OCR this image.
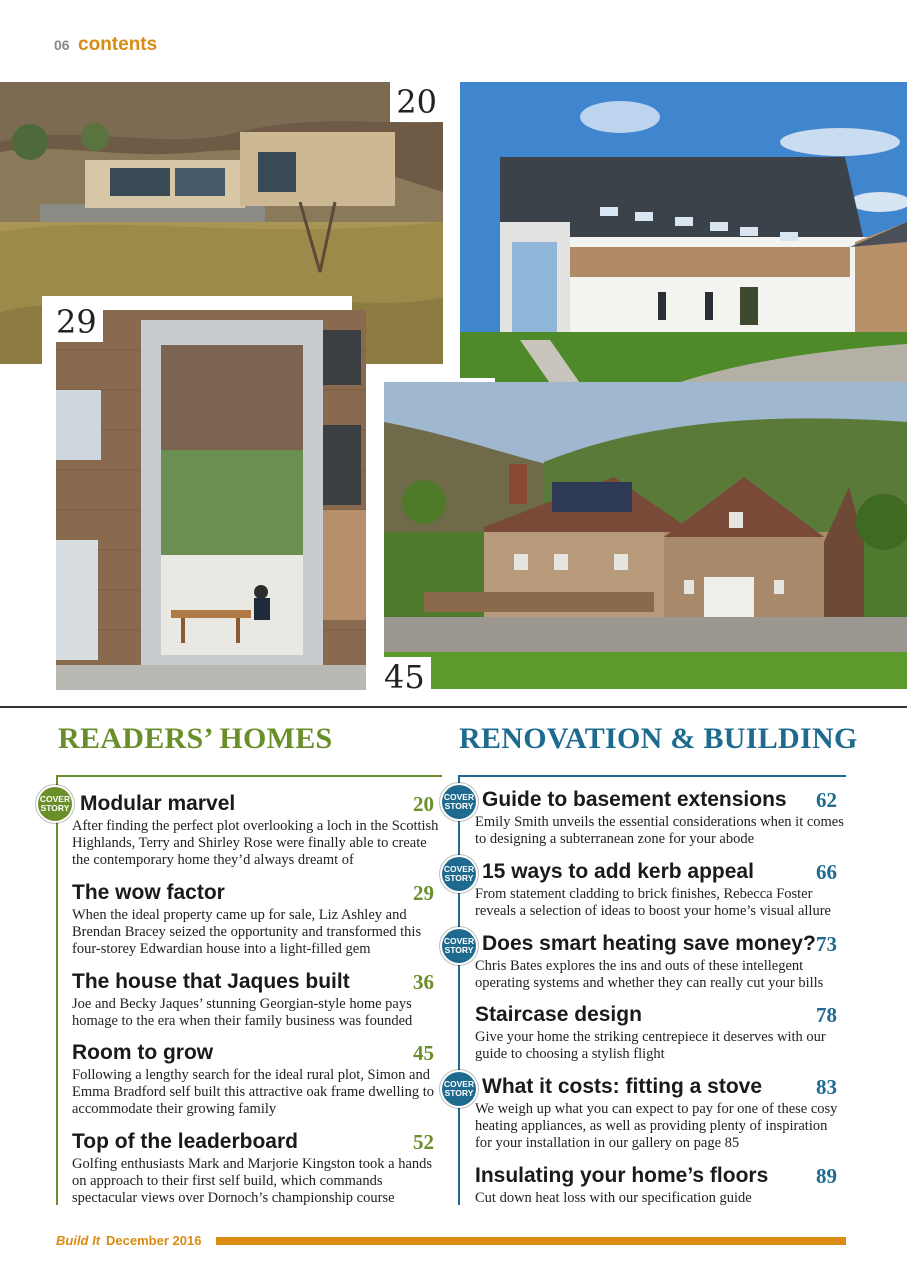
06 contents
20
29
45
READERS’ HOMES	RENOVATION & BUILDING
COVER
STORY Modular marvel	20
After finding the perfect plot overlooking a loch in the Scottish Highlands, Terry and Shirley Rose were finally able to create the contemporary home they’d always dreamt of
The wow factor	29
When the ideal property came up for sale, Liz Ashley and Brendan Bracey seized the opportunity and transformed this four-storey Edwardian house into a light-filled gem
The house that Jaques built	36
Joe and Becky Jaques’ stunning Georgian-style home pays homage to the era when their family business was founded
Room to grow	45
Following a lengthy search for the ideal rural plot, Simon and Emma Bradford self built this attractive oak frame dwelling to accommodate their growing family
Top of the leaderboard	52
Golfing enthusiasts Mark and Marjorie Kingston took a hands on approach to their first self build, which commands spectacular views over Dornoch’s championship course
COVER
STORY Guide to basement extensions	62
Emily Smith unveils the essential considerations when it comes to designing a subterranean zone for your abode
COVER
STORY 15 ways to add kerb appeal	66
From statement cladding to brick finishes, Rebecca Foster reveals a selection of ideas to boost your home’s visual allure
COVER
STORY Does smart heating save money? 73
Chris Bates explores the ins and outs of these intellegent operating systems and whether they can really cut your bills
Staircase design	78
Give your home the striking centrepiece it deserves with our guide to choosing a stylish flight
COVER
STORY What it costs: fitting a stove	83
We weigh up what you can expect to pay for one of these cosy heating appliances, as well as providing plenty of inspiration for your installation in our gallery on page 85
Insulating your home’s floors	89
Cut down heat loss with our specification guide
Build It December 2016
